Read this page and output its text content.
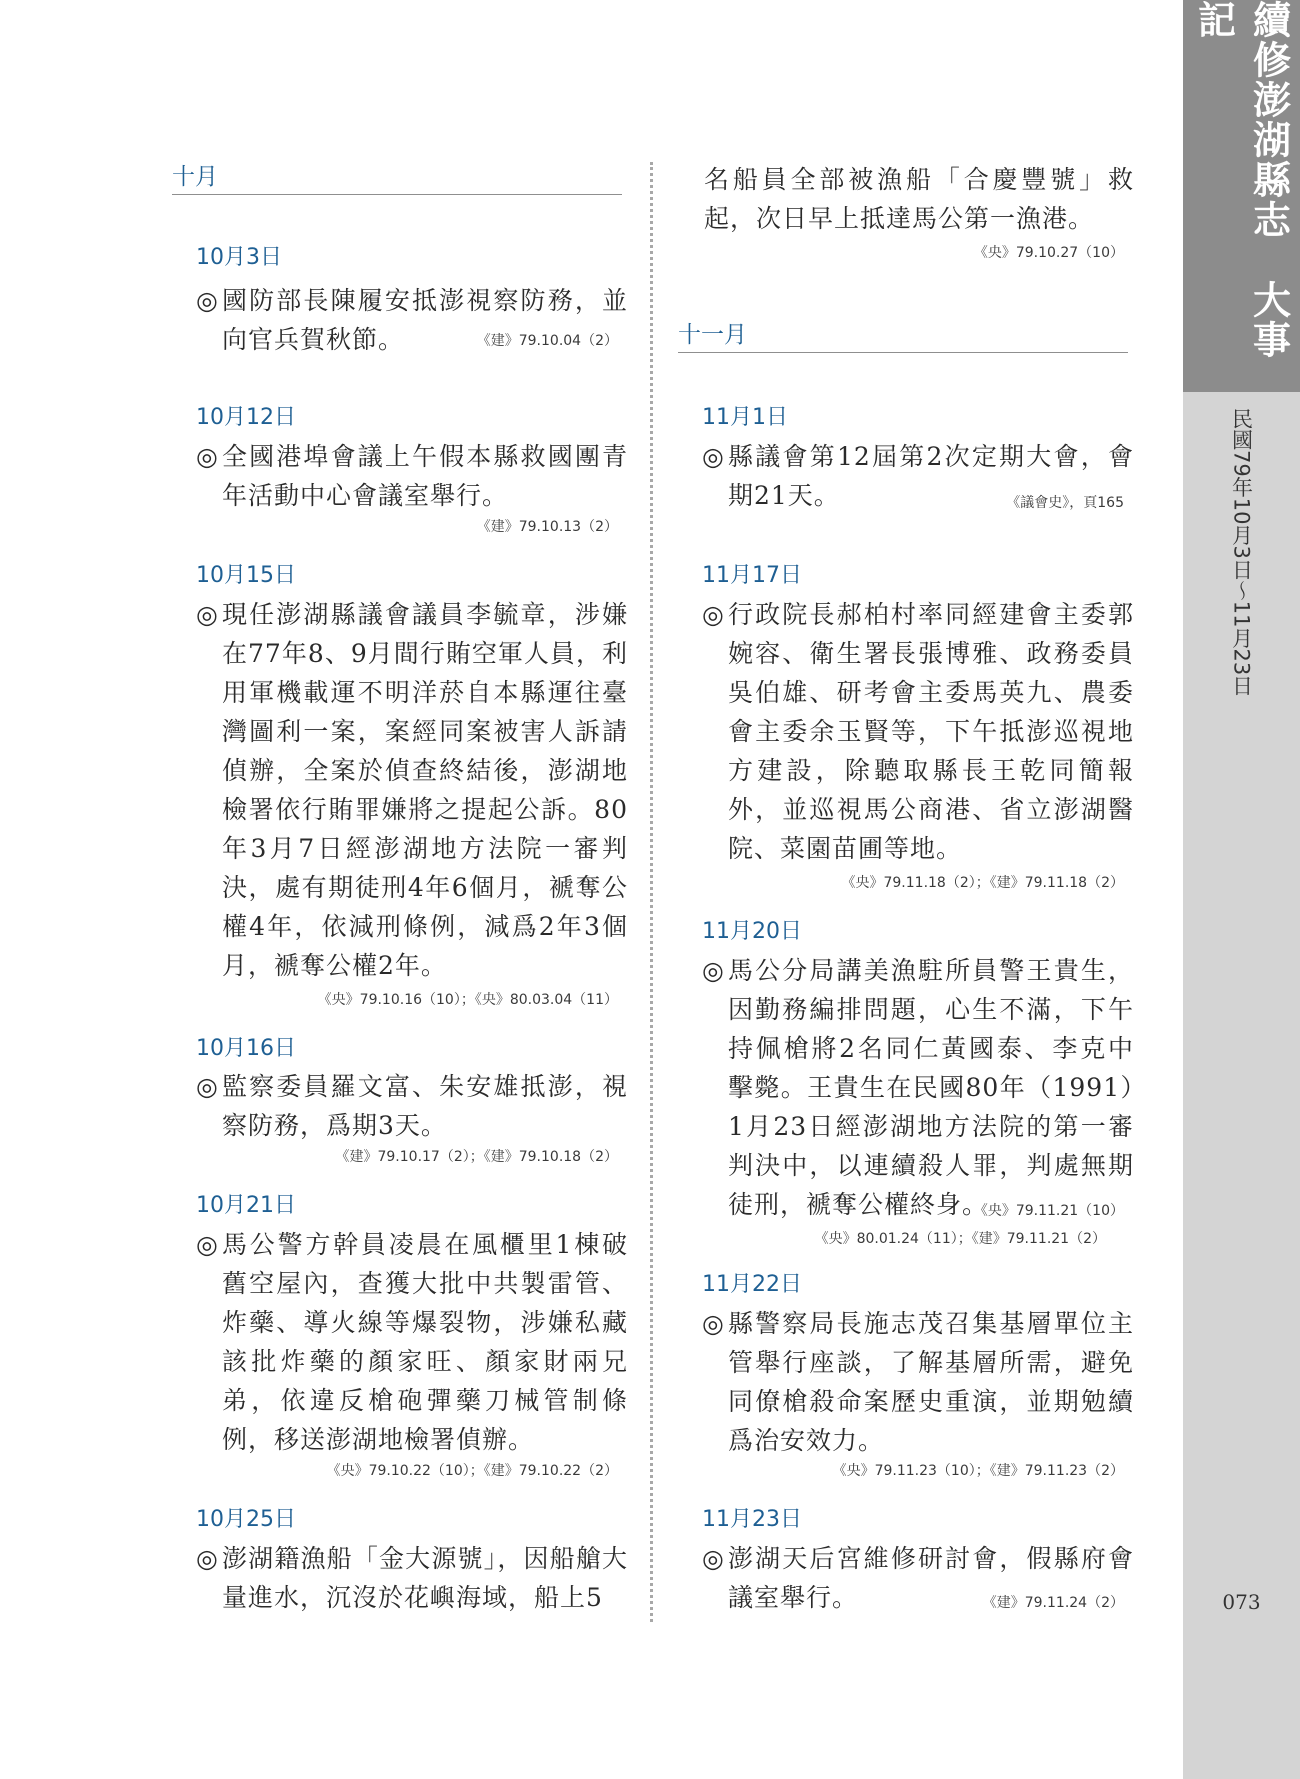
十月
10月3日
◎ 國防部長陳履安抵澎視察防務，並向官兵賀秋節。	《建》79.10.04（2）
10月12日
◎ 全國港埠會議上午假本縣救國團青年活動中心會議室舉行。
《建》79.10.13（2）
10月15日
◎ 現任澎湖縣議會議員李毓章，涉嫌在77年8、9月間行賄空軍人員，利用軍機載運不明洋菸自本縣運往臺灣圖利一案，案經同案被害人訴請偵辦，全案於偵查終結後，澎湖地檢署依行賄罪嫌將之提起公訴。80年3月7日經澎湖地方法院一審判決，處有期徒刑4年6個月，褫奪公權4年，依減刑條例，減爲2年3個月，褫奪公權2年。
《央》79.10.16（10）；《央》80.03.04（11）
10月16日
◎ 監察委員羅文富、朱安雄抵澎，視察防務，爲期3天。
《建》79.10.17（2）；《建》79.10.18（2）
10月21日
◎ 馬公警方幹員凌晨在風櫃里1棟破舊空屋內，查獲大批中共製雷管、炸藥、導火線等爆裂物，涉嫌私藏該批炸藥的顏家旺、顏家財兩兄弟，依違反槍砲彈藥刀械管制條例，移送澎湖地檢署偵辦。
《央》79.10.22（10）；《建》79.10.22（2）
10月25日
◎ 澎湖籍漁船「金大源號」，因船艙大量進水，沉沒於花嶼海域，船上5
名船員全部被漁船「合慶豐號」救起，次日早上抵達馬公第一漁港。
《央》79.10.27（10）
十一月
11月1日
◎ 縣議會第12屆第2次定期大會，會期21天。	《議會史》，頁165
11月17日
◎ 行政院長郝柏村率同經建會主委郭婉容、衛生署長張博雅、政務委員吳伯雄、研考會主委馬英九、農委會主委余玉賢等，下午抵澎巡視地方建設，除聽取縣長王乾同簡報外，並巡視馬公商港、省立澎湖醫院、菜園苗圃等地。
《央》79.11.18（2）；《建》79.11.18（2）
11月20日
◎ 馬公分局講美漁駐所員警王貴生，因勤務編排問題，心生不滿，下午持佩槍將2名同仁黃國泰、李克中擊斃。王貴生在民國80年（1991）1月23日經澎湖地方法院的第一審判決中，以連續殺人罪，判處無期徒刑，褫奪公權終身。
《央》79.11.21（10）
《央》80.01.24（11）；《建》79.11.21（2）
11月22日
◎ 縣警察局長施志茂召集基層單位主管舉行座談，了解基層所需，避免同僚槍殺命案歷史重演，並期勉續爲治安效力。
《央》79.11.23（10）；《建》79.11.23（2）
11月23日
◎ 澎湖天后宮維修研討會，假縣府會議室舉行。	《建》79.11.24（2）
續修澎湖縣志　大事記
民國79年10月3日～11月23日
073
